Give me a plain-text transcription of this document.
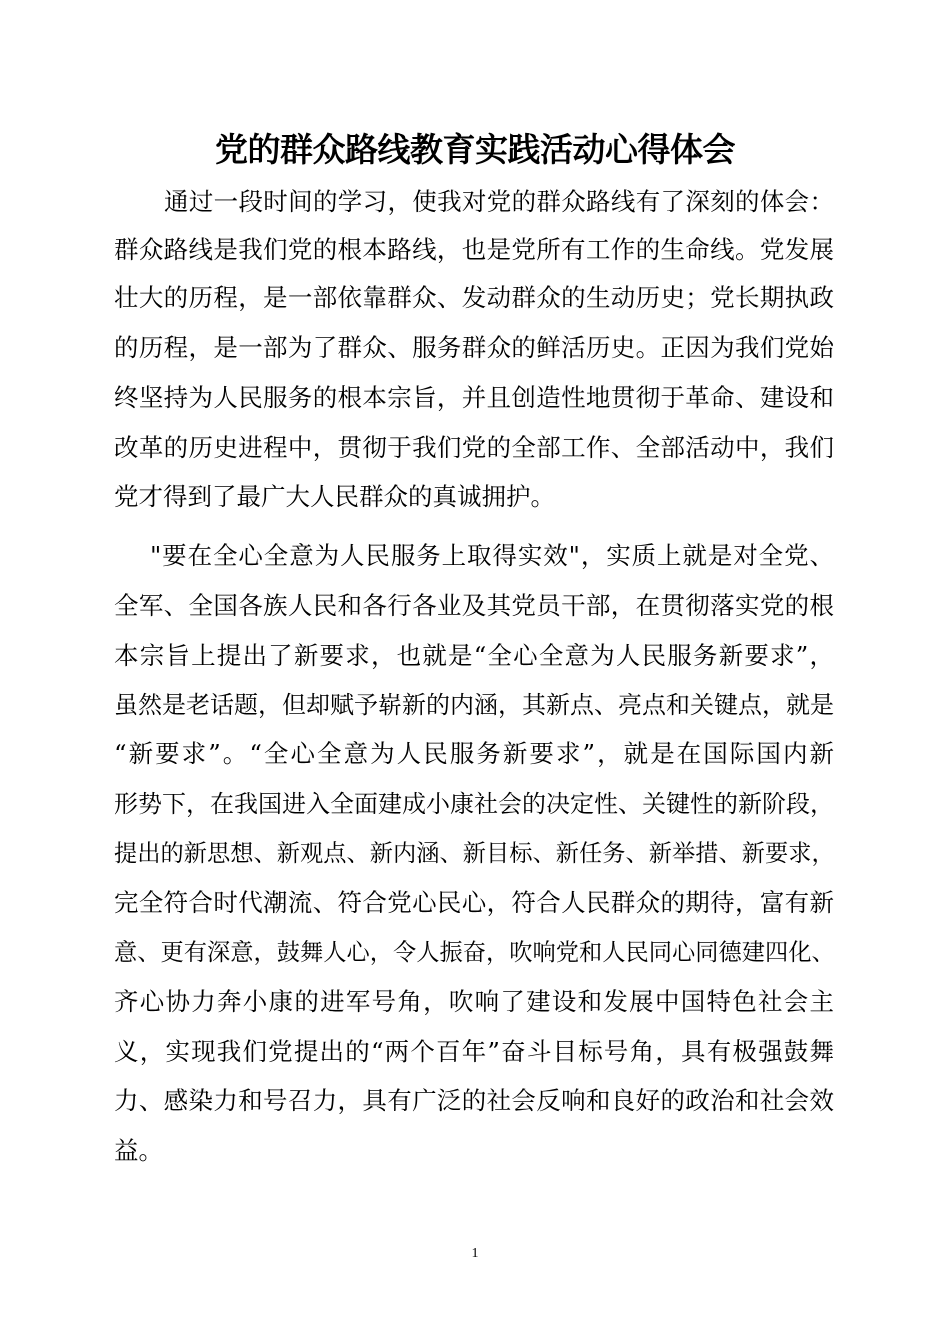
党的群众路线教育实践活动心得体会

通过一段时间的学习，使我对党的群众路线有了深刻的体会：

群众路线是我们党的根本路线，也是党所有工作的生命线。党发展

壮大的历程，是一部依靠群众、发动群众的生动历史；党长期执政

的历程，是一部为了群众、服务群众的鲜活历史。正因为我们党始

终坚持为人民服务的根本宗旨，并且创造性地贯彻于革命、建设和

改革的历史进程中，贯彻于我们党的全部工作、全部活动中，我们

党才得到了最广大人民群众的真诚拥护。

"要在全心全意为人民服务上取得实效"，实质上就是对全党、

全军、全国各族人民和各行各业及其党员干部，在贯彻落实党的根

本宗旨上提出了新要求，也就是“全心全意为人民服务新要求”，

虽然是老话题，但却赋予崭新的内涵，其新点、亮点和关键点，就是

“新要求”。“全心全意为人民服务新要求”，就是在国际国内新

形势下，在我国进入全面建成小康社会的决定性、关键性的新阶段，

提出的新思想、新观点、新内涵、新目标、新任务、新举措、新要求，

完全符合时代潮流、符合党心民心，符合人民群众的期待，富有新

意、更有深意，鼓舞人心，令人振奋，吹响党和人民同心同德建四化、

齐心协力奔小康的进军号角，吹响了建设和发展中国特色社会主

义，实现我们党提出的“两个百年”奋斗目标号角，具有极强鼓舞

力、感染力和号召力，具有广泛的社会反响和良好的政治和社会效

益。

1
